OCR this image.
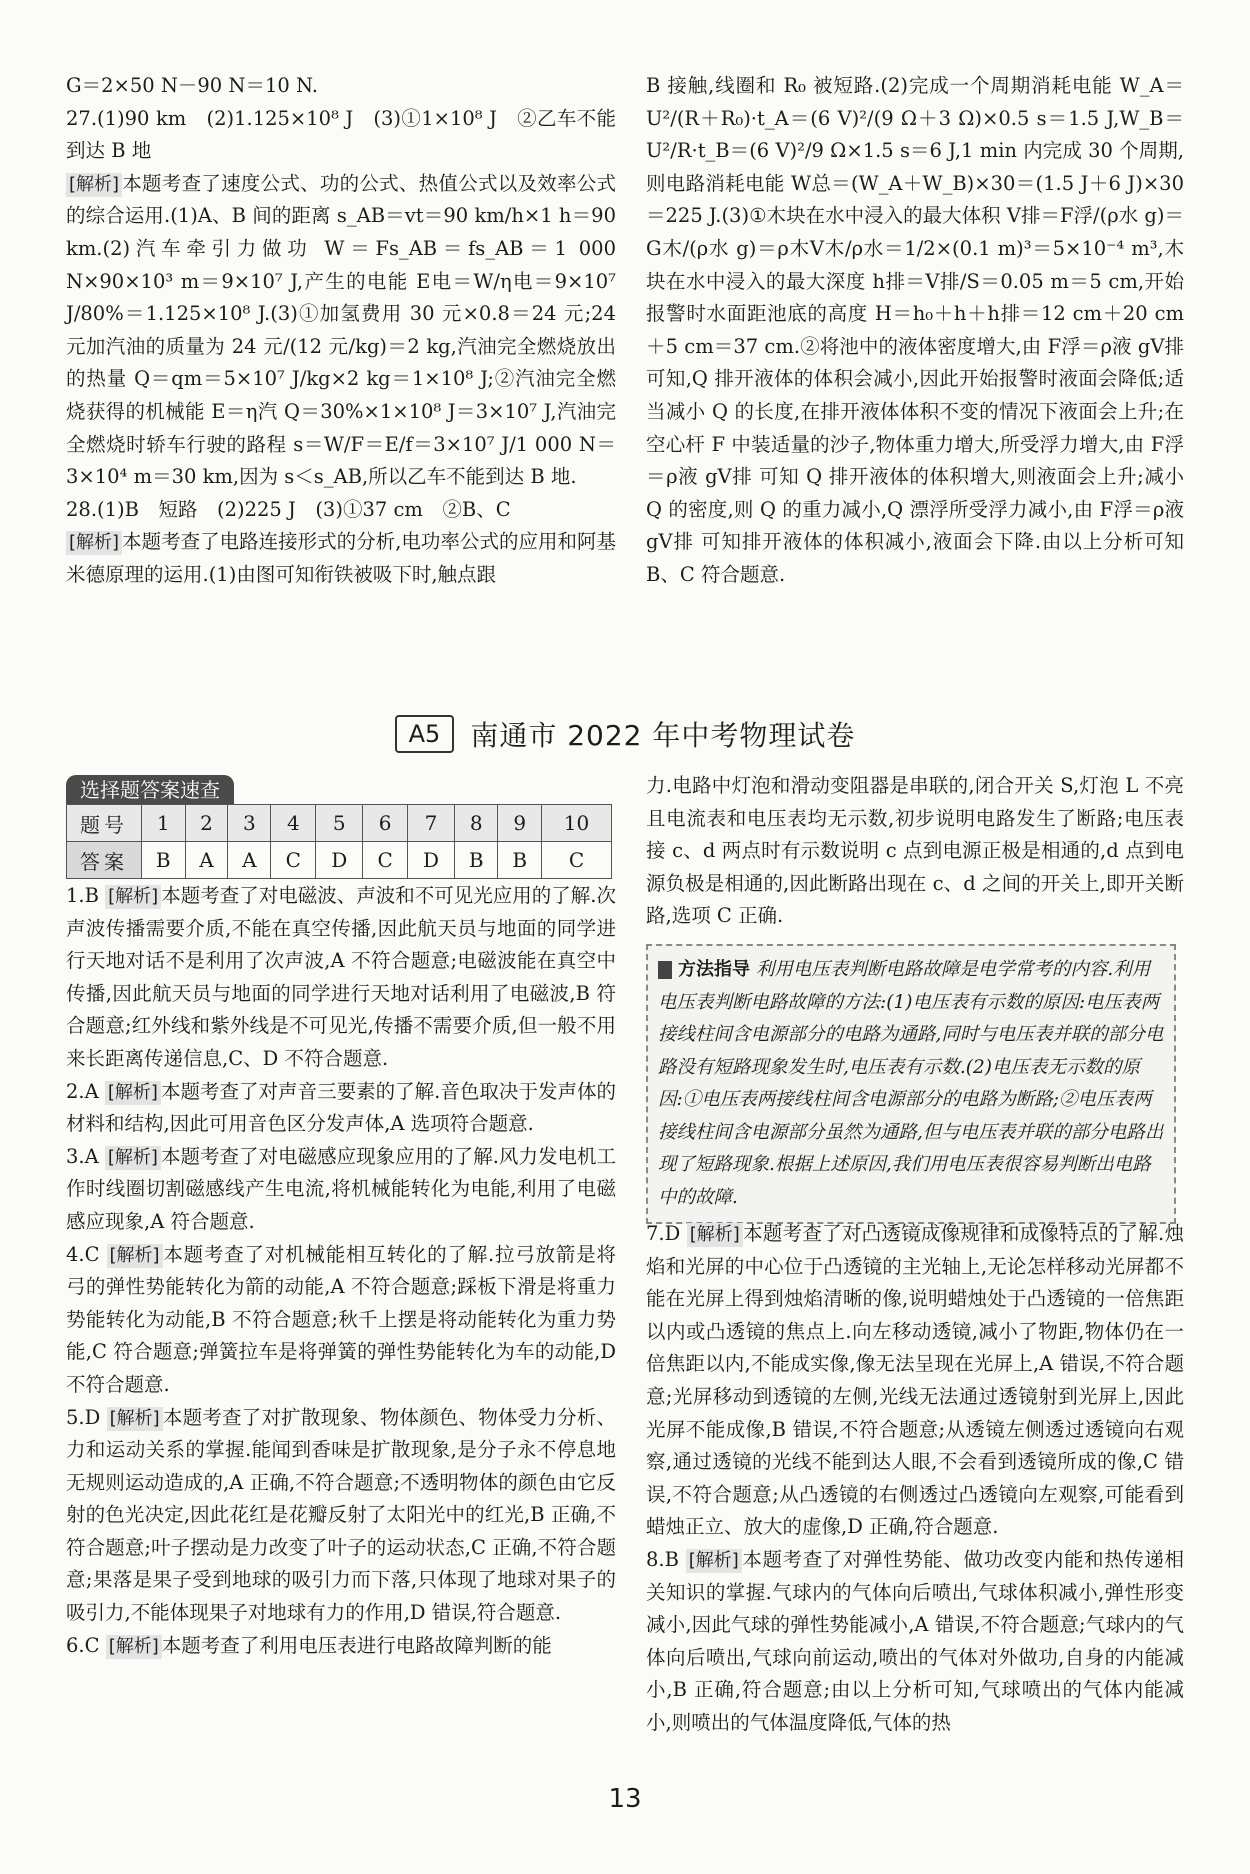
G＝2×50 N－90 N＝10 N.

27.(1)90 km　(2)1.125×10⁸ J　(3)①1×10⁸ J　②乙车不能到达 B 地

[解析] 本题考查了速度公式、功的公式、热值公式以及效率公式的综合运用.(1)A、B 间的距离 s_AB＝vt＝90 km/h×1 h＝90 km.(2)汽车牵引力做功 W＝Fs_AB＝fs_AB＝1 000 N×90×10³ m＝9×10⁷ J,产生的电能 E电＝W/η电＝9×10⁷ J/80%＝1.125×10⁸ J.(3)①加氢费用 30 元×0.8＝24 元;24 元加汽油的质量为 24 元/(12 元/kg)＝2 kg,汽油完全燃烧放出的热量 Q＝qm＝5×10⁷ J/kg×2 kg＝1×10⁸ J;②汽油完全燃烧获得的机械能 E＝η汽 Q＝30%×1×10⁸ J＝3×10⁷ J,汽油完全燃烧时轿车行驶的路程 s＝W/F＝E/f＝3×10⁷ J/1 000 N＝3×10⁴ m＝30 km,因为 s＜s_AB,所以乙车不能到达 B 地.

28.(1)B　短路　(2)225 J　(3)①37 cm　②B、C

[解析] 本题考查了电路连接形式的分析,电功率公式的应用和阿基米德原理的运用.(1)由图可知衔铁被吸下时,触点跟

B 接触,线圈和 R₀ 被短路.(2)完成一个周期消耗电能 W_A＝U²/(R＋R₀)·t_A＝(6 V)²/(9 Ω＋3 Ω)×0.5 s＝1.5 J,W_B＝U²/R·t_B＝(6 V)²/9 Ω×1.5 s＝6 J,1 min 内完成 30 个周期,则电路消耗电能 W总＝(W_A＋W_B)×30＝(1.5 J＋6 J)×30＝225 J.(3)①木块在水中浸入的最大体积 V排＝F浮/(ρ水 g)＝G木/(ρ水 g)＝ρ木V木/ρ水＝1/2×(0.1 m)³＝5×10⁻⁴ m³,木块在水中浸入的最大深度 h排＝V排/S＝0.05 m＝5 cm,开始报警时水面距池底的高度 H＝h₀＋h＋h排＝12 cm＋20 cm＋5 cm＝37 cm.②将池中的液体密度增大,由 F浮＝ρ液 gV排 可知,Q 排开液体的体积会减小,因此开始报警时液面会降低;适当减小 Q 的长度,在排开液体体积不变的情况下液面会上升;在空心杆 F 中装适量的沙子,物体重力增大,所受浮力增大,由 F浮＝ρ液 gV排 可知 Q 排开液体的体积增大,则液面会上升;减小 Q 的密度,则 Q 的重力减小,Q 漂浮所受浮力减小,由 F浮＝ρ液 gV排 可知排开液体的体积减小,液面会下降.由以上分析可知 B、C 符合题意.

A5 南通市 2022 年中考物理试卷
选择题答案速查
题号	1	2	3	4	5	6	7	8	9	10
答案	B	A	A	C	D	C	D	B	B	C

1.B [解析] 本题考查了对电磁波、声波和不可见光应用的了解.次声波传播需要介质,不能在真空传播,因此航天员与地面的同学进行天地对话不是利用了次声波,A 不符合题意;电磁波能在真空中传播,因此航天员与地面的同学进行天地对话利用了电磁波,B 符合题意;红外线和紫外线是不可见光,传播不需要介质,但一般不用来长距离传递信息,C、D 不符合题意.

2.A [解析] 本题考查了对声音三要素的了解.音色取决于发声体的材料和结构,因此可用音色区分发声体,A 选项符合题意.

3.A [解析] 本题考查了对电磁感应现象应用的了解.风力发电机工作时线圈切割磁感线产生电流,将机械能转化为电能,利用了电磁感应现象,A 符合题意.

4.C [解析] 本题考查了对机械能相互转化的了解.拉弓放箭是将弓的弹性势能转化为箭的动能,A 不符合题意;踩板下滑是将重力势能转化为动能,B 不符合题意;秋千上摆是将动能转化为重力势能,C 符合题意;弹簧拉车是将弹簧的弹性势能转化为车的动能,D 不符合题意.

5.D [解析] 本题考查了对扩散现象、物体颜色、物体受力分析、力和运动关系的掌握.能闻到香味是扩散现象,是分子永不停息地无规则运动造成的,A 正确,不符合题意;不透明物体的颜色由它反射的色光决定,因此花红是花瓣反射了太阳光中的红光,B 正确,不符合题意;叶子摆动是力改变了叶子的运动状态,C 正确,不符合题意;果落是果子受到地球的吸引力而下落,只体现了地球对果子的吸引力,不能体现果子对地球有力的作用,D 错误,符合题意.

6.C [解析] 本题考查了利用电压表进行电路故障判断的能

力.电路中灯泡和滑动变阻器是串联的,闭合开关 S,灯泡 L 不亮且电流表和电压表均无示数,初步说明电路发生了断路;电压表接 c、d 两点时有示数说明 c 点到电源正极是相通的,d 点到电源负极是相通的,因此断路出现在 c、d 之间的开关上,即开关断路,选项 C 正确.

方法指导 利用电压表判断电路故障是电学常考的内容.利用电压表判断电路故障的方法:(1)电压表有示数的原因:电压表两接线柱间含电源部分的电路为通路,同时与电压表并联的部分电路没有短路现象发生时,电压表有示数.(2)电压表无示数的原因:①电压表两接线柱间含电源部分的电路为断路;②电压表两接线柱间含电源部分虽然为通路,但与电压表并联的部分电路出现了短路现象.根据上述原因,我们用电压表很容易判断出电路中的故障.

7.D [解析] 本题考查了对凸透镜成像规律和成像特点的了解.烛焰和光屏的中心位于凸透镜的主光轴上,无论怎样移动光屏都不能在光屏上得到烛焰清晰的像,说明蜡烛处于凸透镜的一倍焦距以内或凸透镜的焦点上.向左移动透镜,减小了物距,物体仍在一倍焦距以内,不能成实像,像无法呈现在光屏上,A 错误,不符合题意;光屏移动到透镜的左侧,光线无法通过透镜射到光屏上,因此光屏不能成像,B 错误,不符合题意;从透镜左侧透过透镜向右观察,通过透镜的光线不能到达人眼,不会看到透镜所成的像,C 错误,不符合题意;从凸透镜的右侧透过凸透镜向左观察,可能看到蜡烛正立、放大的虚像,D 正确,符合题意.

8.B [解析] 本题考查了对弹性势能、做功改变内能和热传递相关知识的掌握.气球内的气体向后喷出,气球体积减小,弹性形变减小,因此气球的弹性势能减小,A 错误,不符合题意;气球内的气体向后喷出,气球向前运动,喷出的气体对外做功,自身的内能减小,B 正确,符合题意;由以上分析可知,气球喷出的气体内能减小,则喷出的气体温度降低,气体的热

13
